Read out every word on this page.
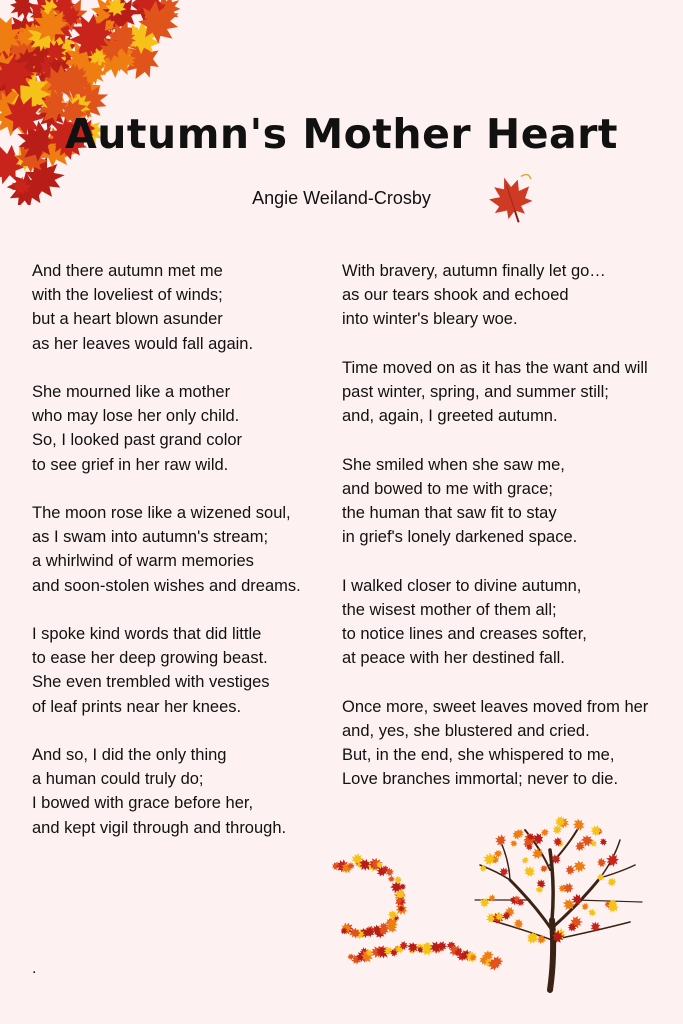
Autumn's Mother Heart
Angie Weiland-Crosby
And there autumn met me
with the loveliest of winds;
but a heart blown asunder
as her leaves would fall again.
She mourned like a mother
who may lose her only child.
So, I looked past grand color
to see grief in her raw wild.
The moon rose like a wizened soul,
as I swam into autumn's stream;
a whirlwind of warm memories
and soon-stolen wishes and dreams.
I spoke kind words that did little
to ease her deep growing beast.
She even trembled with vestiges
of leaf prints near her knees.
And so, I did the only thing
a human could truly do;
I bowed with grace before her,
and kept vigil through and through.
With bravery, autumn finally let go…
as our tears shook and echoed
into winter's bleary woe.
Time moved on as it has the want and will
past winter, spring, and summer still;
and, again, I greeted autumn.
She smiled when she saw me,
and bowed to me with grace;
the human that saw fit to stay
in grief's lonely darkened space.
I walked closer to divine autumn,
the wisest mother of them all;
to notice lines and creases softer,
at peace with her destined fall.
Once more, sweet leaves moved from her
and, yes, she blustered and cried.
But, in the end, she whispered to me,
Love branches immortal; never to die.
.
